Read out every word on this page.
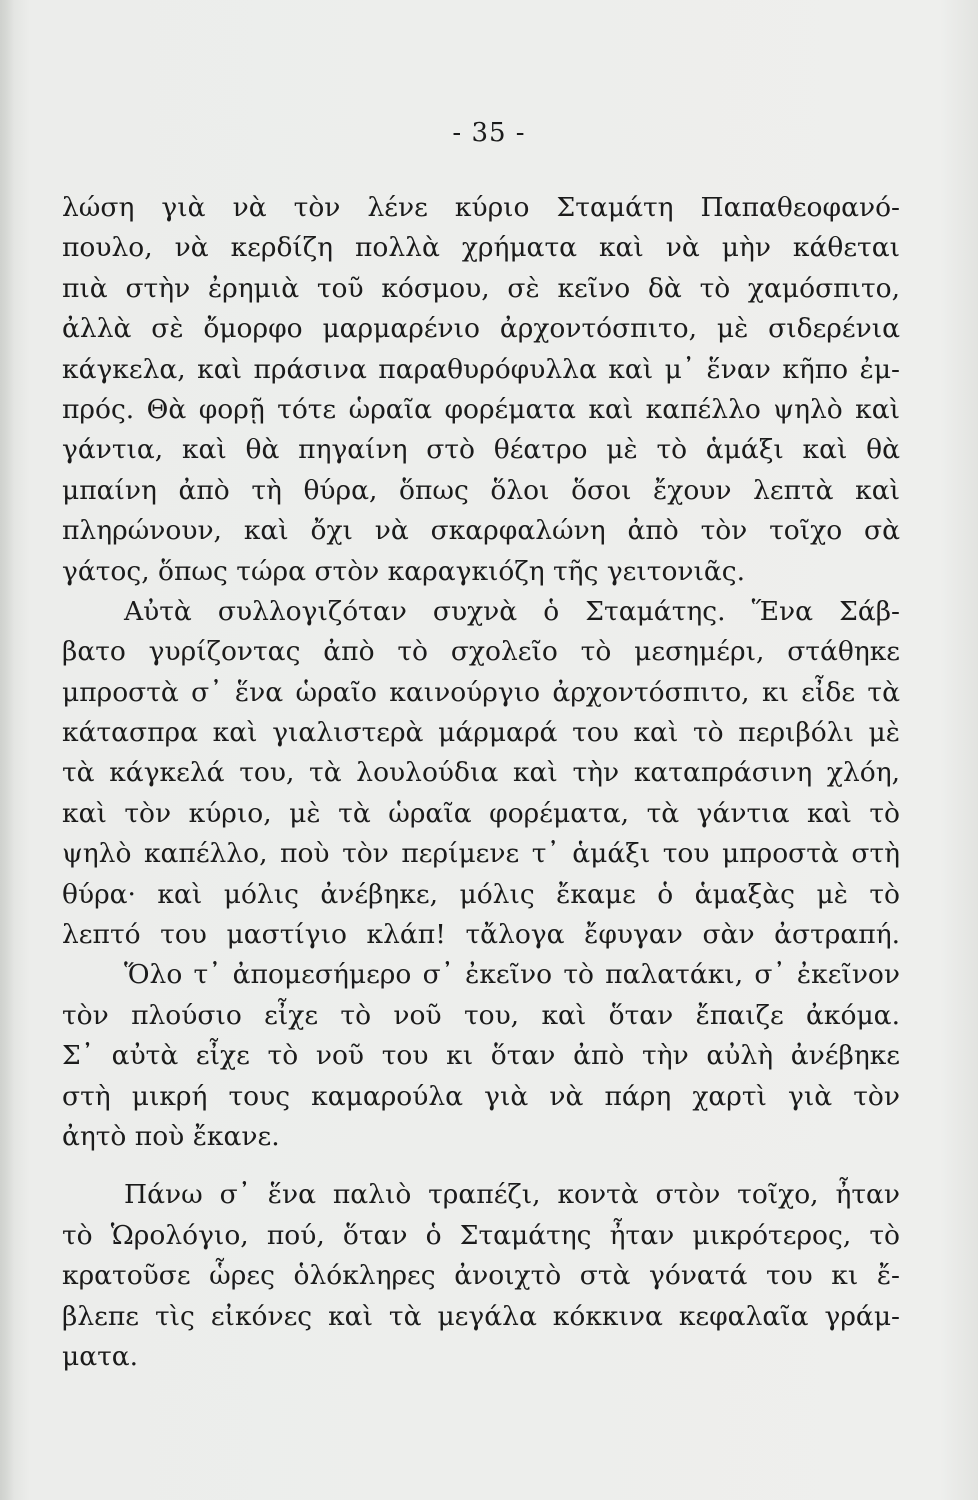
- 35 -
λώση γιὰ νὰ τὸν λένε κύριο Σταμάτη Παπαθεοφανό-
πουλο, νὰ κερδίζη πολλὰ χρήματα καὶ νὰ μὴν κάθεται
πιὰ στὴν ἐρημιὰ τοῦ κόσμου, σὲ κεῖνο δὰ τὸ χαμόσπιτο,
ἀλλὰ σὲ ὄμορφο μαρμαρένιο ἀρχοντόσπιτο, μὲ σιδερένια
κάγκελα, καὶ πράσινα παραθυρόφυλλα καὶ μ᾿ ἕναν κῆπο ἐμ-
πρός. Θὰ φορῇ τότε ὡραῖα φορέματα καὶ καπέλλο ψηλὸ καὶ
γάντια, καὶ θὰ πηγαίνη στὸ θέατρο μὲ τὸ ἁμάξι καὶ θὰ
μπαίνη ἀπὸ τὴ θύρα, ὅπως ὅλοι ὅσοι ἔχουν λεπτὰ καὶ
πληρώνουν, καὶ ὄχι νὰ σκαρφαλώνη ἀπὸ τὸν τοῖχο σὰ
γάτος, ὅπως τώρα στὸν καραγκιόζη τῆς γειτονιᾶς.
Αὐτὰ συλλογιζόταν συχνὰ ὁ Σταμάτης. Ἕνα Σάβ-
βατο γυρίζοντας ἀπὸ τὸ σχολεῖο τὸ μεσημέρι, στάθηκε
μπροστὰ σ᾿ ἕνα ὡραῖο καινούργιο ἀρχοντόσπιτο, κι εἶδε τὰ
κάτασπρα καὶ γιαλιστερὰ μάρμαρά του καὶ τὸ περιβόλι μὲ
τὰ κάγκελά του, τὰ λουλούδια καὶ τὴν καταπράσινη χλόη,
καὶ τὸν κύριο, μὲ τὰ ὡραῖα φορέματα, τὰ γάντια καὶ τὸ
ψηλὸ καπέλλο, ποὺ τὸν περίμενε τ᾿ ἁμάξι του μπροστὰ στὴ
θύρα· καὶ μόλις ἀνέβηκε, μόλις ἔκαμε ὁ ἁμαξὰς μὲ τὸ
λεπτό του μαστίγιο κλάπ! τἄλογα ἔφυγαν σὰν ἀστραπή.
Ὅλο τ᾿ ἀπομεσήμερο σ᾿ ἐκεῖνο τὸ παλατάκι, σ᾿ ἐκεῖνον
τὸν πλούσιο εἶχε τὸ νοῦ του, καὶ ὅταν ἔπαιζε ἀκόμα.
Σ᾿ αὐτὰ εἶχε τὸ νοῦ του κι ὅταν ἀπὸ τὴν αὐλὴ ἀνέβηκε
στὴ μικρή τους καμαρούλα γιὰ νὰ πάρη χαρτὶ γιὰ τὸν
ἀητὸ ποὺ ἔκανε.
Πάνω σ᾿ ἕνα παλιὸ τραπέζι, κοντὰ στὸν τοῖχο, ἦταν
τὸ Ὡρολόγιο, πού, ὅταν ὁ Σταμάτης ἦταν μικρότερος, τὸ
κρατοῦσε ὧρες ὁλόκληρες ἀνοιχτὸ στὰ γόνατά του κι ἔ-
βλεπε τὶς εἰκόνες καὶ τὰ μεγάλα κόκκινα κεφαλαῖα γράμ-
ματα.
